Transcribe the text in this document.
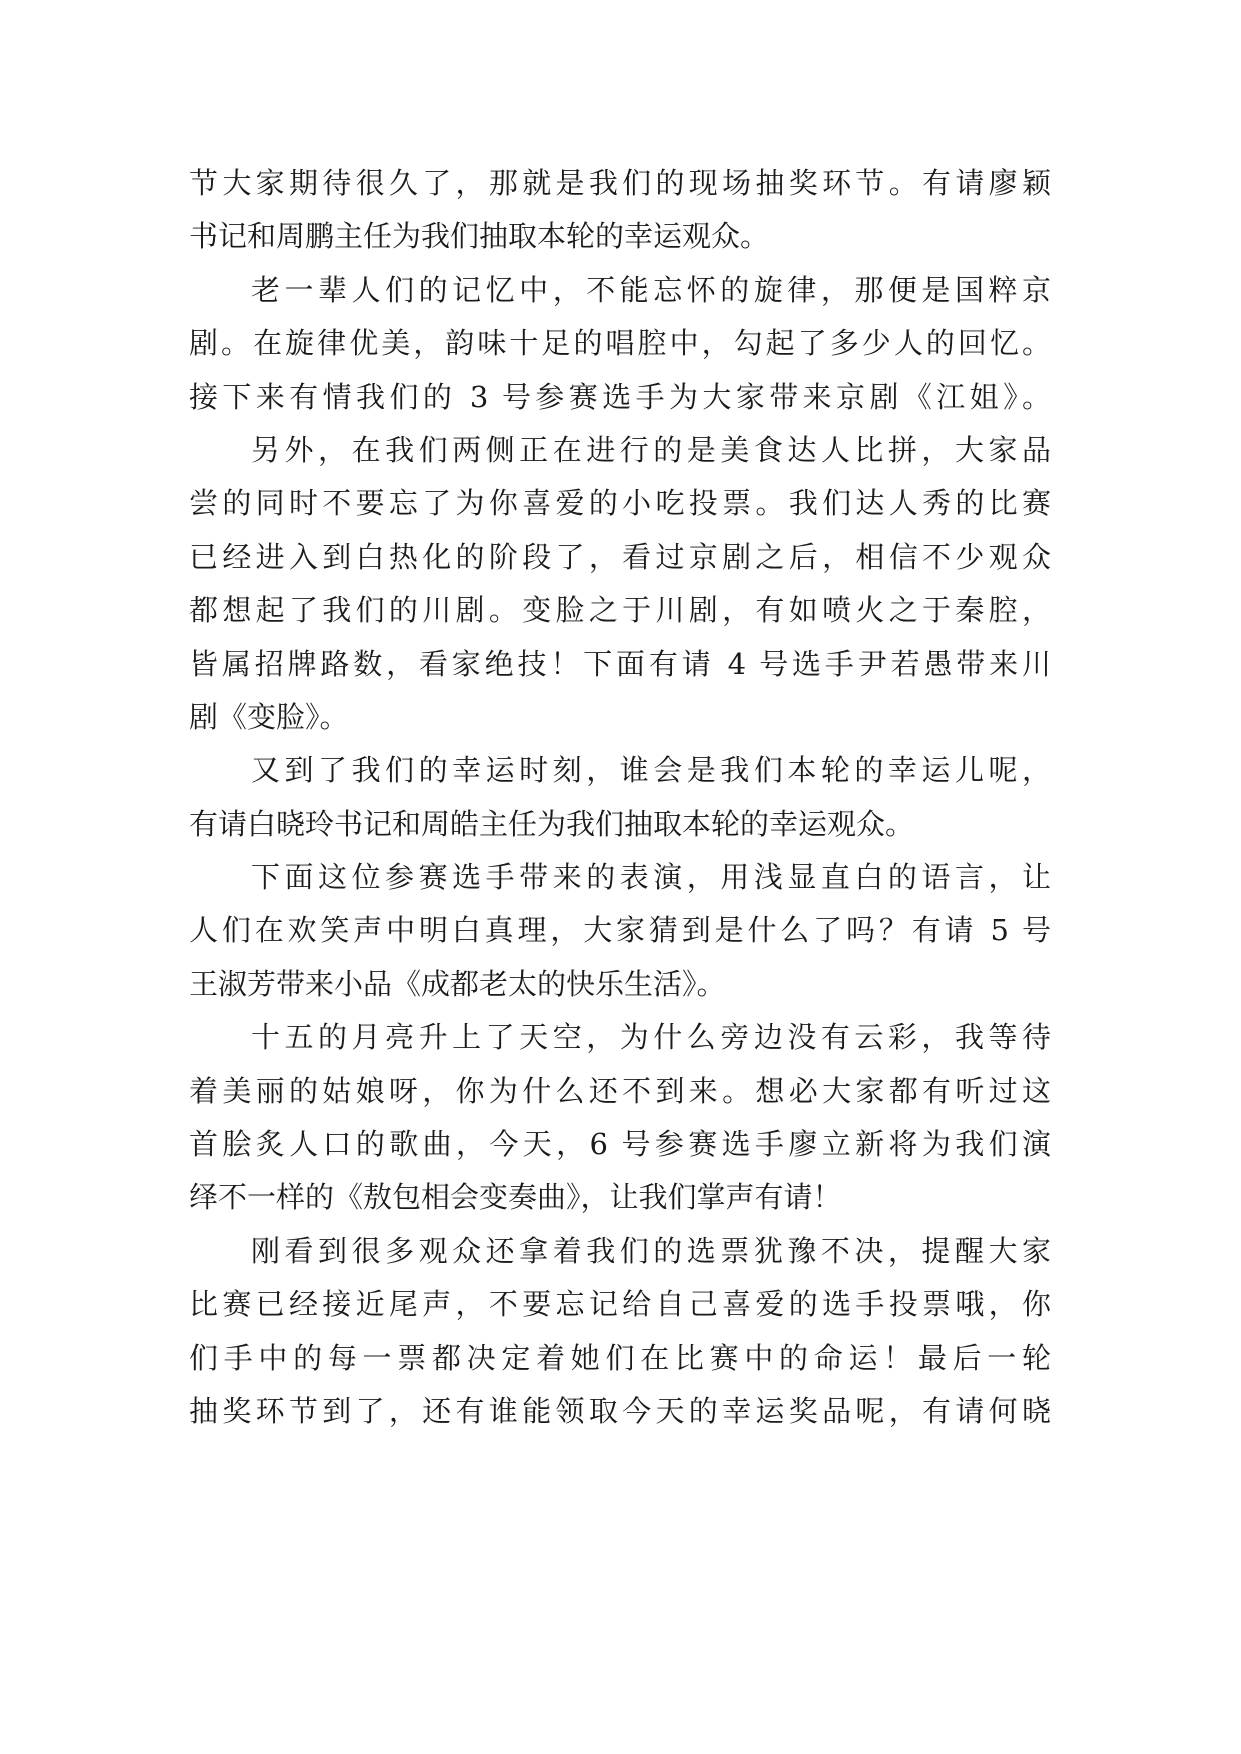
节大家期待很久了，那就是我们的现场抽奖环节。有请廖颖
书记和周鹏主任为我们抽取本轮的幸运观众。
老一辈人们的记忆中，不能忘怀的旋律，那便是国粹京
剧。在旋律优美，韵味十足的唱腔中，勾起了多少人的回忆。
接下来有情我们的 3 号参赛选手为大家带来京剧《江姐》。
另外，在我们两侧正在进行的是美食达人比拼，大家品
尝的同时不要忘了为你喜爱的小吃投票。我们达人秀的比赛
已经进入到白热化的阶段了，看过京剧之后，相信不少观众
都想起了我们的川剧。变脸之于川剧，有如喷火之于秦腔，
皆属招牌路数，看家绝技！下面有请 4 号选手尹若愚带来川
剧《变脸》。
又到了我们的幸运时刻，谁会是我们本轮的幸运儿呢，
有请白晓玲书记和周皓主任为我们抽取本轮的幸运观众。
下面这位参赛选手带来的表演，用浅显直白的语言，让
人们在欢笑声中明白真理，大家猜到是什么了吗？有请 5 号
王淑芳带来小品《成都老太的快乐生活》。
十五的月亮升上了天空，为什么旁边没有云彩，我等待
着美丽的姑娘呀，你为什么还不到来。想必大家都有听过这
首脍炙人口的歌曲，今天，6 号参赛选手廖立新将为我们演
绎不一样的《敖包相会变奏曲》，让我们掌声有请！
刚看到很多观众还拿着我们的选票犹豫不决，提醒大家
比赛已经接近尾声，不要忘记给自己喜爱的选手投票哦，你
们手中的每一票都决定着她们在比赛中的命运！最后一轮
抽奖环节到了，还有谁能领取今天的幸运奖品呢，有请何晓
